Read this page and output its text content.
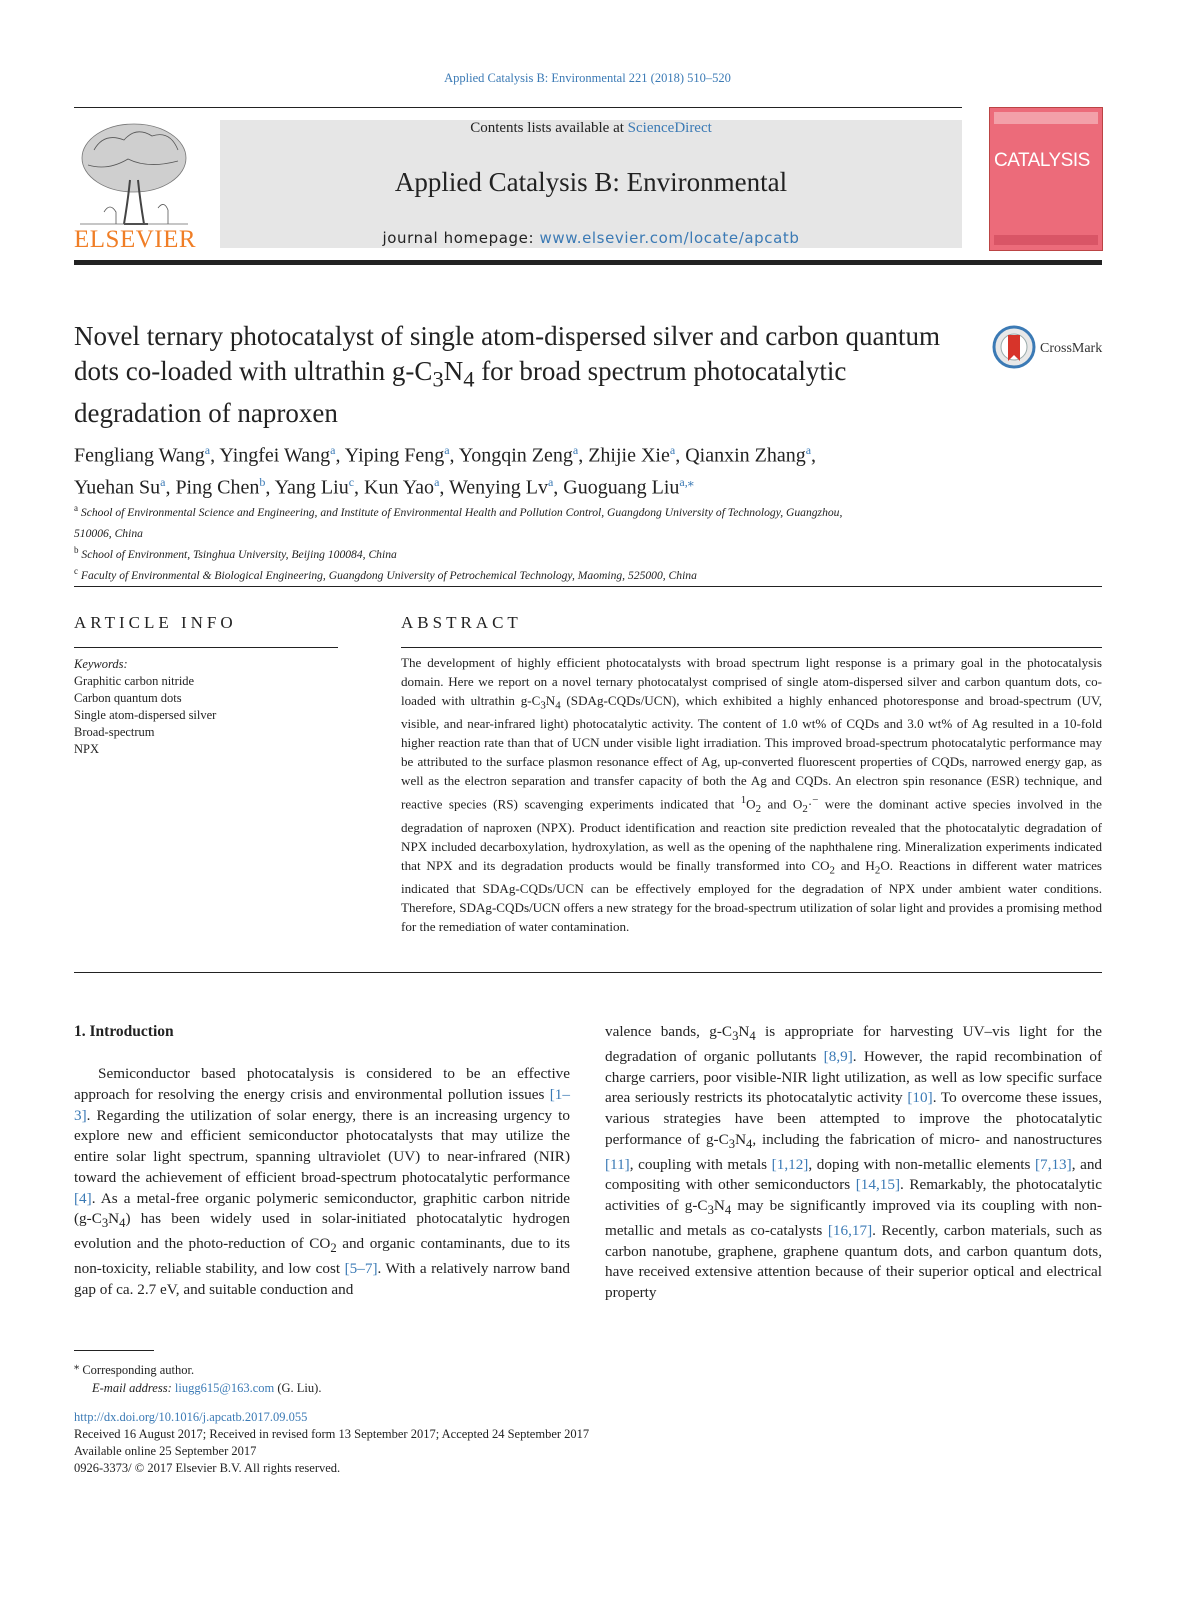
Applied Catalysis B: Environmental 221 (2018) 510–520
ELSEVIER
Contents lists available at ScienceDirect
Applied Catalysis B: Environmental
journal homepage: www.elsevier.com/locate/apcatb
CATALYSIS
Novel ternary photocatalyst of single atom-dispersed silver and carbon quantum dots co-loaded with ultrathin $g-C_3N_4$ for broad spectrum photocatalytic degradation of naproxen
CrossMark
Fengliang Wang$^a$, Yingfei Wang$^a$, Yiping Feng$^a$, Yongqin Zeng$^a$, Zhijie Xie$^a$, Qianxin Zhang$^a$,
Yuehan Su$^a$, Ping Chen$^b$, Yang Liu$^c$, Kun Yao$^a$, Wenying Lv$^a$, Guoguang Liu$^{a,⁎}$
$^a$ School of Environmental Science and Engineering, and Institute of Environmental Health and Pollution Control, Guangdong University of Technology, Guangzhou,
510006, China
$^b$ School of Environment, Tsinghua University, Beijing 100084, China
$^c$ Faculty of Environmental & Biological Engineering, Guangdong University of Petrochemical Technology, Maoming, 525000, China
ARTICLE INFO
Keywords:
Graphitic carbon nitride
Carbon quantum dots
Single atom-dispersed silver
Broad-spectrum
NPX
ABSTRACT
The development of highly efficient photocatalysts with broad spectrum light response is a primary goal in the photocatalysis domain. Here we report on a novel ternary photocatalyst comprised of single atom-dispersed silver and carbon quantum dots, co-loaded with ultrathin $g-C_3N_4$ (SDAg-CQDs/UCN), which exhibited a highly enhanced photoresponse and broad-spectrum (UV, visible, and near-infrared light) photocatalytic activity. The content of 1.0 wt% of CQDs and 3.0 wt% of Ag resulted in a 10-fold higher reaction rate than that of UCN under visible light irradiation. This improved broad-spectrum photocatalytic performance may be attributed to the surface plasmon resonance effect of Ag, up-converted fluorescent properties of CQDs, narrowed energy gap, as well as the electron separation and transfer capacity of both the Ag and CQDs. An electron spin resonance (ESR) technique, and reactive species (RS) scavenging experiments indicated that $^1O_2$ and $O_2\cdot^-$ were the dominant active species involved in the degradation of naproxen (NPX). Product identification and reaction site prediction revealed that the photocatalytic degradation of NPX included decarboxylation, hydroxylation, as well as the opening of the naphthalene ring. Mineralization experiments indicated that NPX and its degradation products would be finally transformed into $CO_2$ and $H_2O$. Reactions in different water matrices indicated that SDAg-CQDs/UCN can be effectively employed for the degradation of NPX under ambient water conditions. Therefore, SDAg-CQDs/UCN offers a new strategy for the broad-spectrum utilization of solar light and provides a promising method for the remediation of water contamination.
1. Introduction
Semiconductor based photocatalysis is considered to be an effective approach for resolving the energy crisis and environmental pollution issues [1–3]. Regarding the utilization of solar energy, there is an increasing urgency to explore new and efficient semiconductor photocatalysts that may utilize the entire solar light spectrum, spanning ultraviolet (UV) to near-infrared (NIR) toward the achievement of efficient broad-spectrum photocatalytic performance [4]. As a metal-free organic polymeric semiconductor, graphitic carbon nitride $(g-C_3N_4)$ has been widely used in solar-initiated photocatalytic hydrogen evolution and the photo-reduction of $CO_2$ and organic contaminants, due to its non-toxicity, reliable stability, and low cost [5–7]. With a relatively narrow band gap of ca. 2.7 eV, and suitable conduction and
valence bands, $g-C_3N_4$ is appropriate for harvesting UV–vis light for the degradation of organic pollutants [8,9]. However, the rapid recombination of charge carriers, poor visible-NIR light utilization, as well as low specific surface area seriously restricts its photocatalytic activity [10]. To overcome these issues, various strategies have been attempted to improve the photocatalytic performance of $g-C_3N_4$, including the fabrication of micro- and nanostructures [11], coupling with metals [1,12], doping with non-metallic elements [7,13], and compositing with other semiconductors [14,15]. Remarkably, the photocatalytic activities of $g-C_3N_4$ may be significantly improved via its coupling with non-metallic and metals as co-catalysts [16,17]. Recently, carbon materials, such as carbon nanotube, graphene, graphene quantum dots, and carbon quantum dots, have received extensive attention because of their superior optical and electrical property
⁎ Corresponding author.
E-mail address: liugg615@163.com (G. Liu).
http://dx.doi.org/10.1016/j.apcatb.2017.09.055
Received 16 August 2017; Received in revised form 13 September 2017; Accepted 24 September 2017
Available online 25 September 2017
0926-3373/ © 2017 Elsevier B.V. All rights reserved.
